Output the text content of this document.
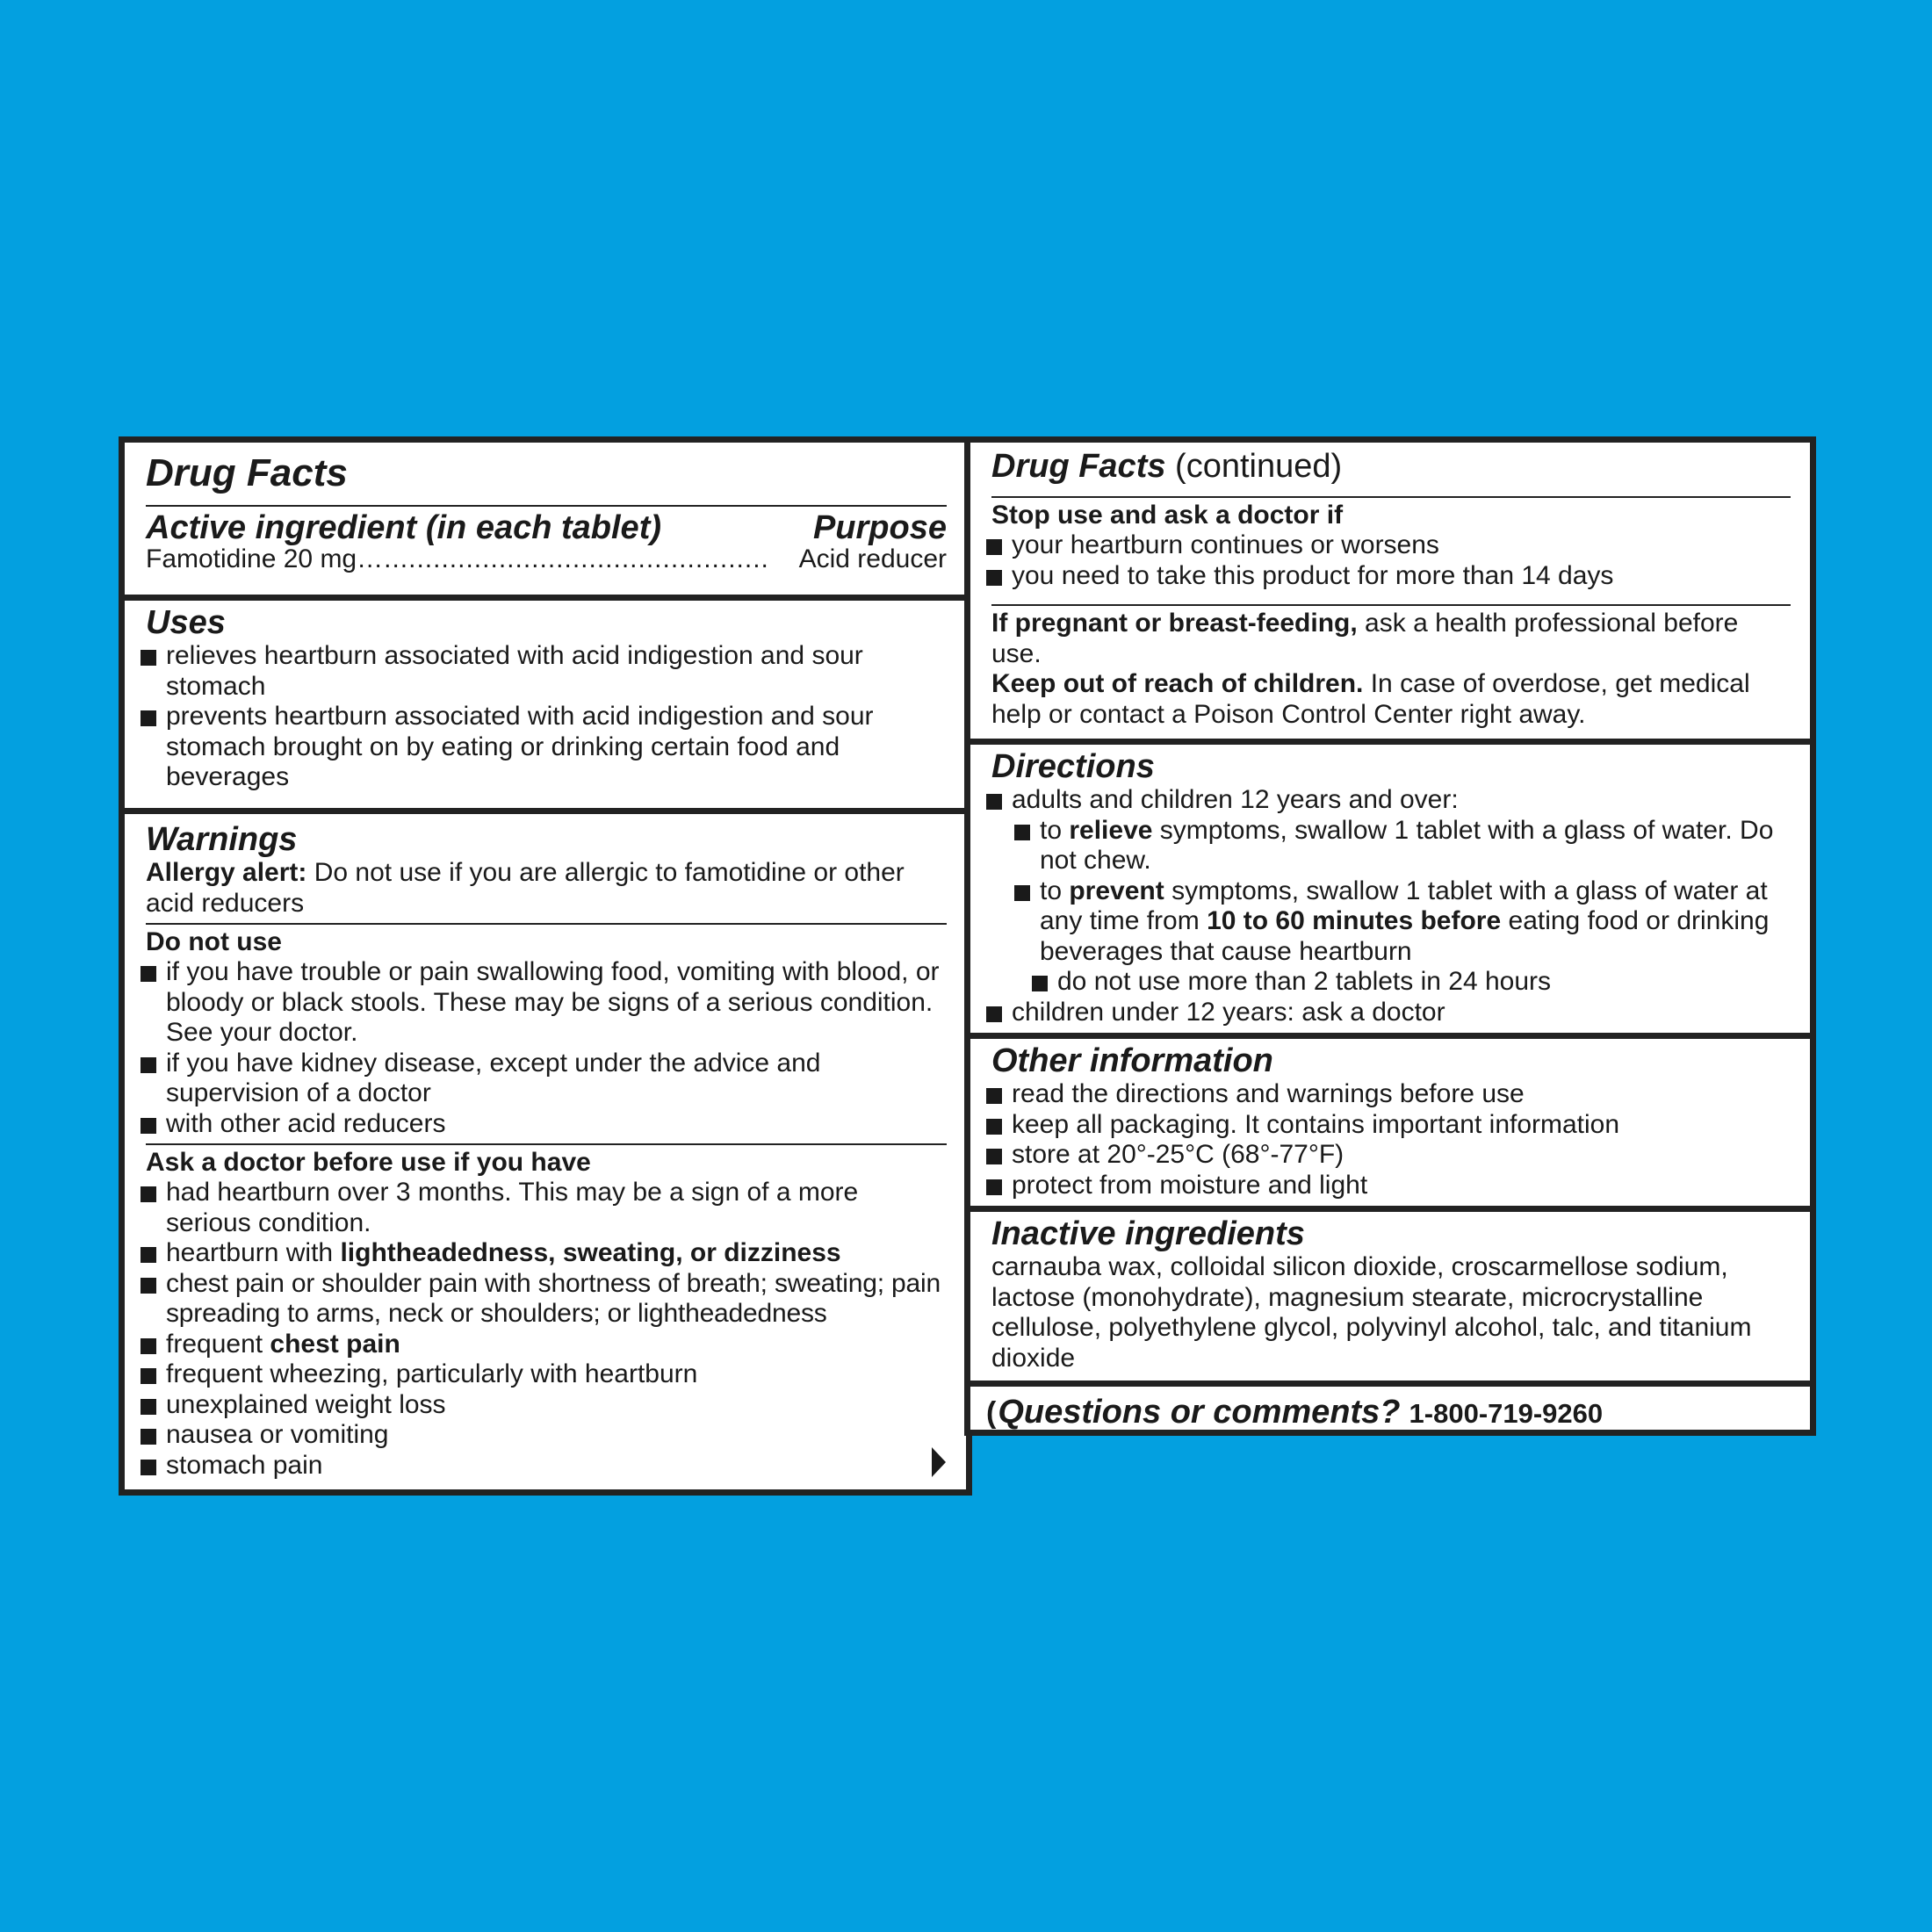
Drug Facts
Active ingredient (in each tablet)	Purpose
Famotidine 20 mg …...............................................	Acid reducer
Uses
relieves heartburn associated with acid indigestion and sour stomach
prevents heartburn associated with acid indigestion and sour stomach brought on by eating or drinking certain food and beverages
Warnings
Allergy alert: Do not use if you are allergic to famotidine or other acid reducers
Do not use
if you have trouble or pain swallowing food, vomiting with blood, or bloody or black stools. These may be signs of a serious condition. See your doctor.
if you have kidney disease, except under the advice and supervision of a doctor
with other acid reducers
Ask a doctor before use if you have
had heartburn over 3 months. This may be a sign of a more serious condition.
heartburn with lightheadedness, sweating, or dizziness
chest pain or shoulder pain with shortness of breath; sweating; pain spreading to arms, neck or shoulders; or lightheadedness
frequent chest pain
frequent wheezing, particularly with heartburn
unexplained weight loss
nausea or vomiting
stomach pain
Drug Facts (continued)
Stop use and ask a doctor if
your heartburn continues or worsens
you need to take this product for more than 14 days
If pregnant or breast-feeding, ask a health professional before use.
Keep out of reach of children. In case of overdose, get medical help or contact a Poison Control Center right away.
Directions
adults and children 12 years and over:
to relieve symptoms, swallow 1 tablet with a glass of water. Do not chew.
to prevent symptoms, swallow 1 tablet with a glass of water at any time from 10 to 60 minutes before eating food or drinking beverages that cause heartburn
do not use more than 2 tablets in 24 hours
children under 12 years: ask a doctor
Other information
read the directions and warnings before use
keep all packaging. It contains important information
store at 20°-25°C (68°-77°F)
protect from moisture and light
Inactive ingredients
carnauba wax, colloidal silicon dioxide, croscarmellose sodium, lactose (monohydrate), magnesium stearate, microcrystalline cellulose, polyethylene glycol, polyvinyl alcohol, talc, and titanium dioxide
( Questions or comments? 1-800-719-9260
